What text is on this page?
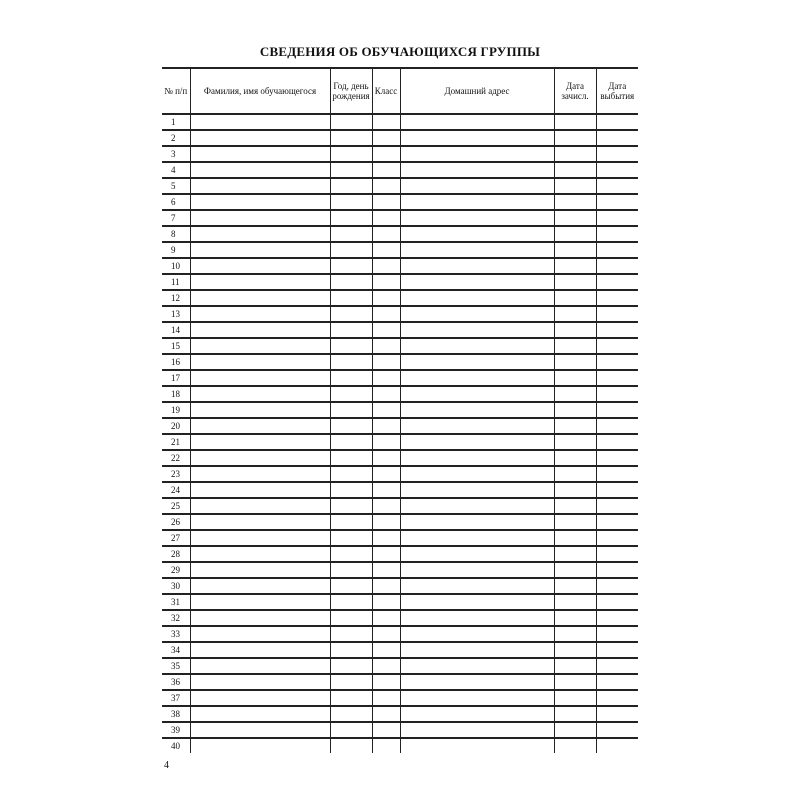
СВЕДЕНИЯ ОБ ОБУЧАЮЩИХСЯ ГРУППЫ
№ п/п	Фамилия, имя обучающегося	Год, день рождения	Класс	Домашний адрес	Дата зачисл.	Дата выбытия
1						
2						
3						
4						
5						
6						
7						
8						
9						
10						
11						
12						
13						
14						
15						
16						
17						
18						
19						
20						
21						
22						
23						
24						
25						
26						
27						
28						
29						
30						
31						
32						
33						
34						
35						
36						
37						
38						
39						
40						
4
